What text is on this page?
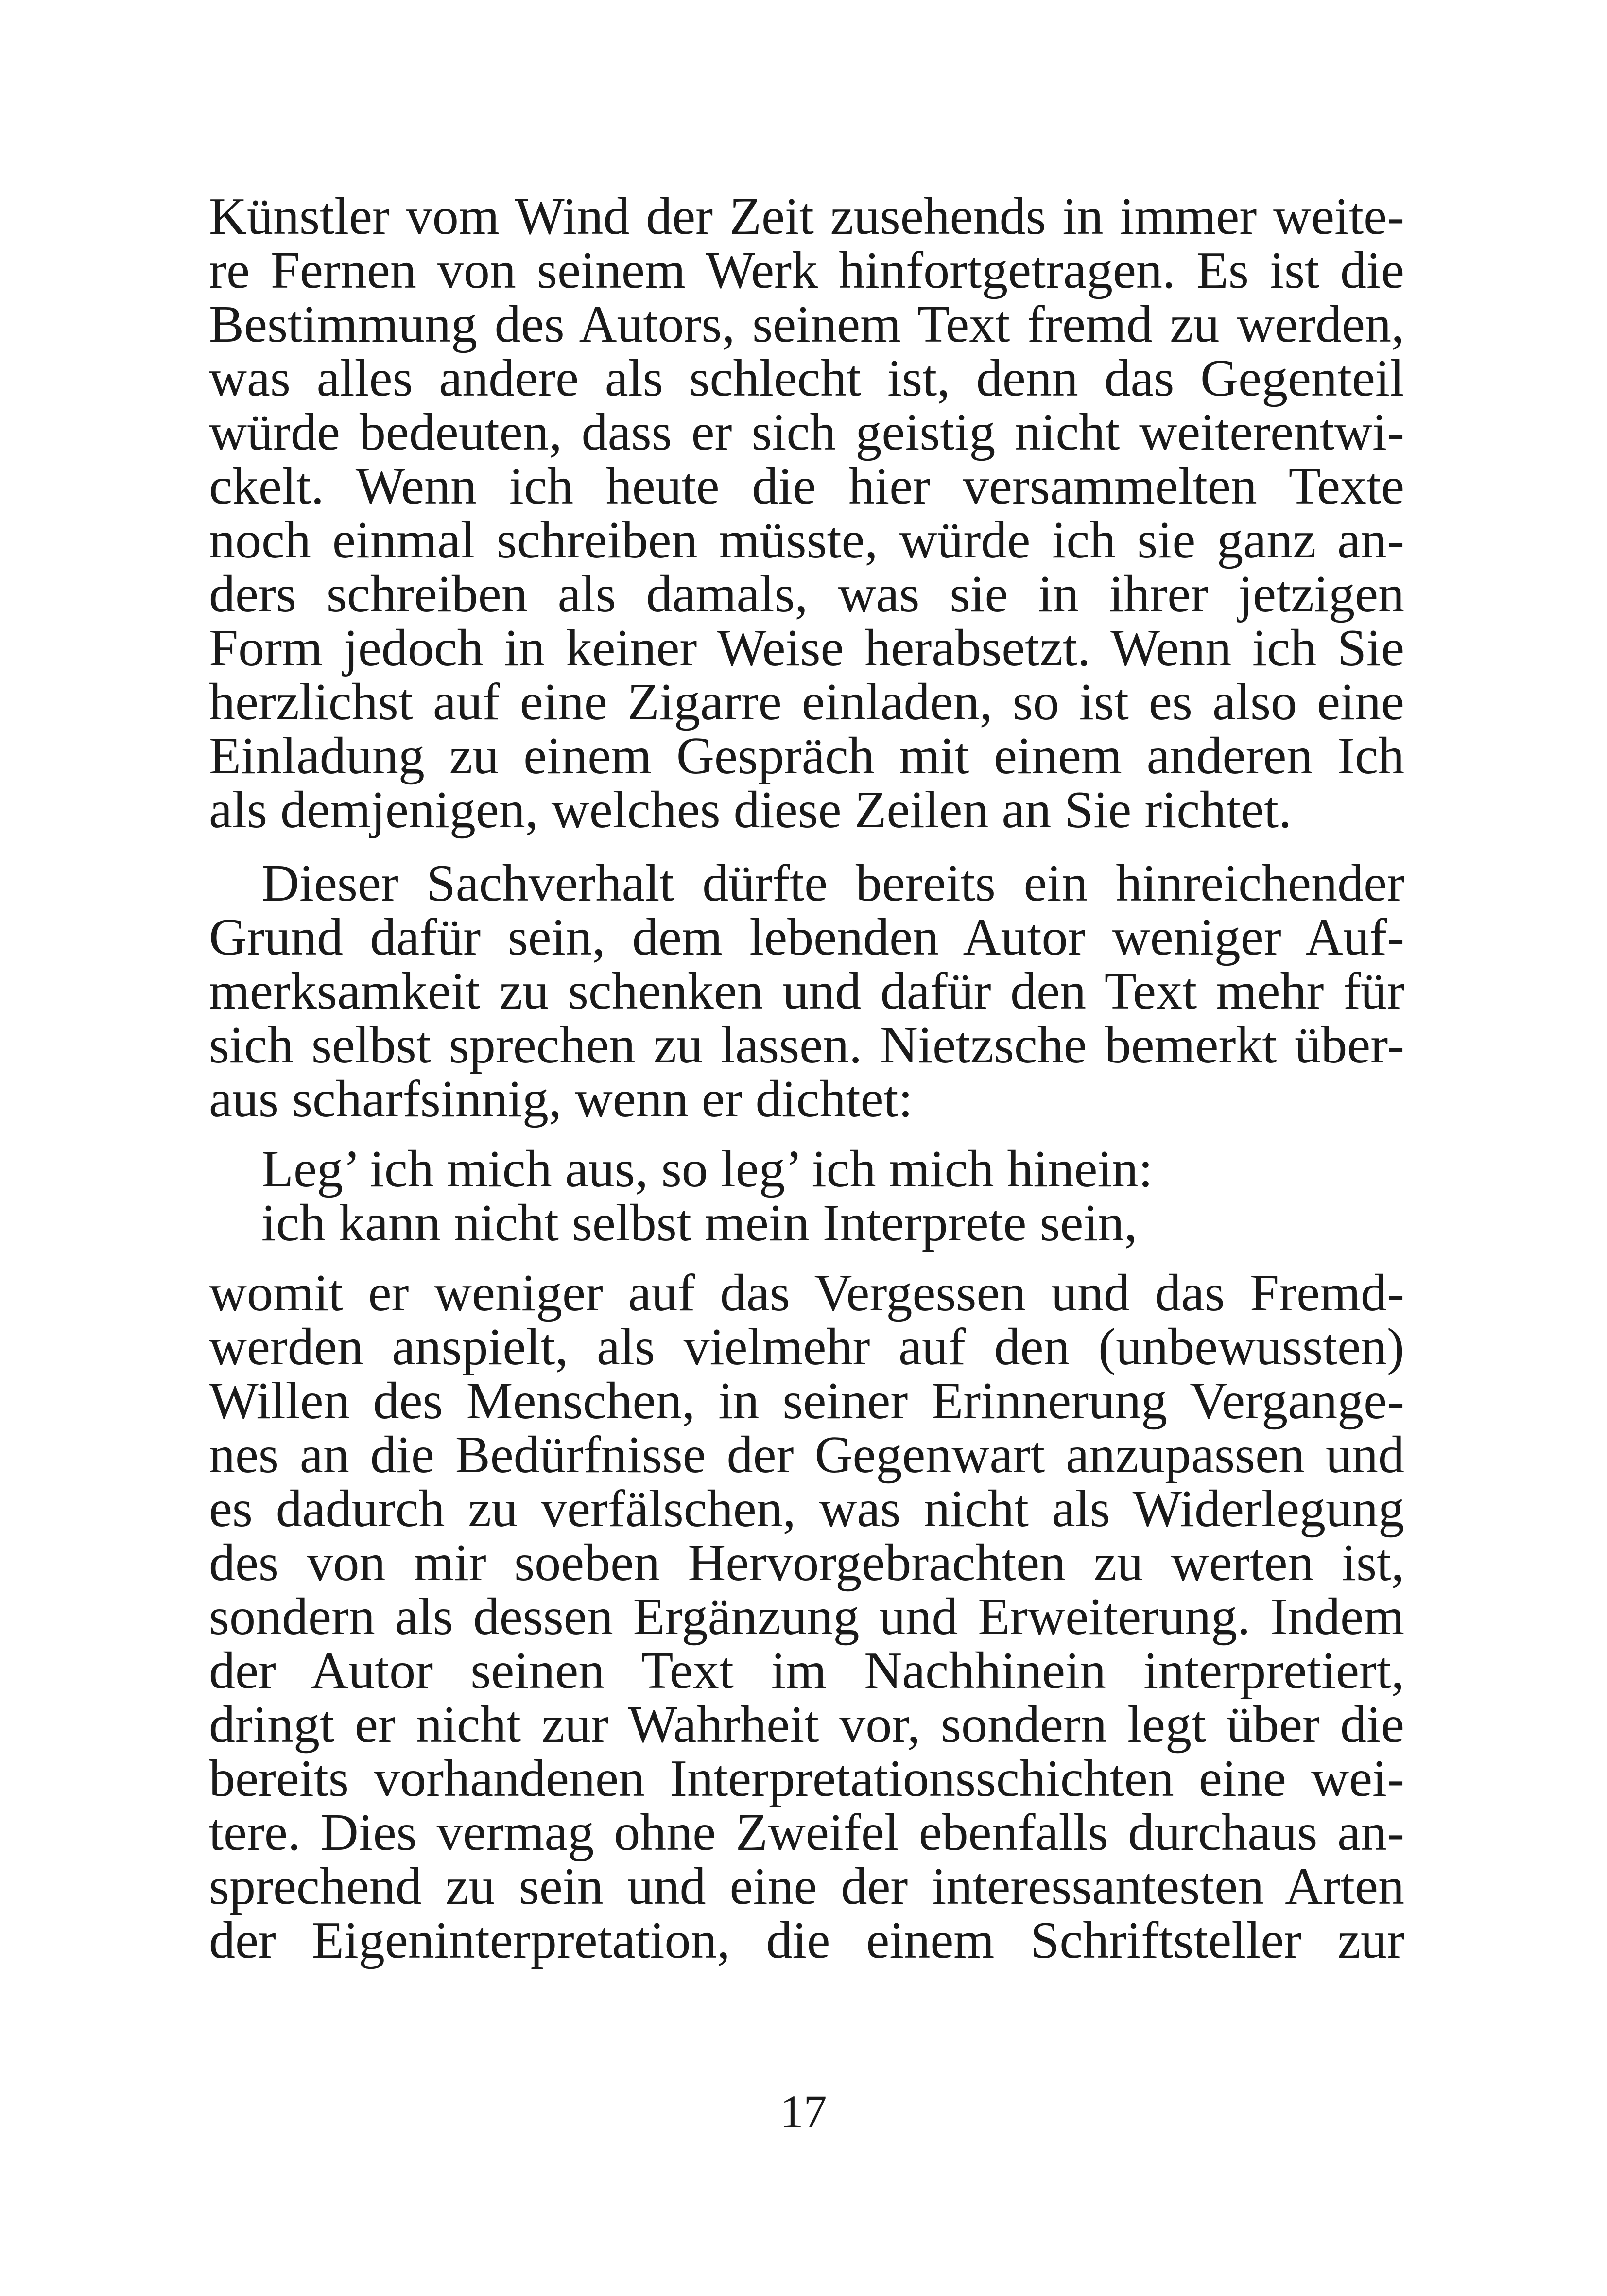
Künstler vom Wind der Zeit zusehends in immer weite-
re Fernen von seinem Werk hinfortgetragen. Es ist die
Bestimmung des Autors, seinem Text fremd zu werden,
was alles andere als schlecht ist, denn das Gegenteil
würde bedeuten, dass er sich geistig nicht weiterentwi-
ckelt. Wenn ich heute die hier versammelten Texte
noch einmal schreiben müsste, würde ich sie ganz an-
ders schreiben als damals, was sie in ihrer jetzigen
Form jedoch in keiner Weise herabsetzt. Wenn ich Sie
herzlichst auf eine Zigarre einladen, so ist es also eine
Einladung zu einem Gespräch mit einem anderen Ich
als demjenigen, welches diese Zeilen an Sie richtet.
Dieser Sachverhalt dürfte bereits ein hinreichender
Grund dafür sein, dem lebenden Autor weniger Auf-
merksamkeit zu schenken und dafür den Text mehr für
sich selbst sprechen zu lassen. Nietzsche bemerkt über-
aus scharfsinnig, wenn er dichtet:
Leg’ ich mich aus, so leg’ ich mich hinein:
ich kann nicht selbst mein Interprete sein,
womit er weniger auf das Vergessen und das Fremd-
werden anspielt, als vielmehr auf den (unbewussten)
Willen des Menschen, in seiner Erinnerung Vergange-
nes an die Bedürfnisse der Gegenwart anzupassen und
es dadurch zu verfälschen, was nicht als Widerlegung
des von mir soeben Hervorgebrachten zu werten ist,
sondern als dessen Ergänzung und Erweiterung. Indem
der Autor seinen Text im Nachhinein interpretiert,
dringt er nicht zur Wahrheit vor, sondern legt über die
bereits vorhandenen Interpretationsschichten eine wei-
tere. Dies vermag ohne Zweifel ebenfalls durchaus an-
sprechend zu sein und eine der interessantesten Arten
der Eigeninterpretation, die einem Schriftsteller zur
17
